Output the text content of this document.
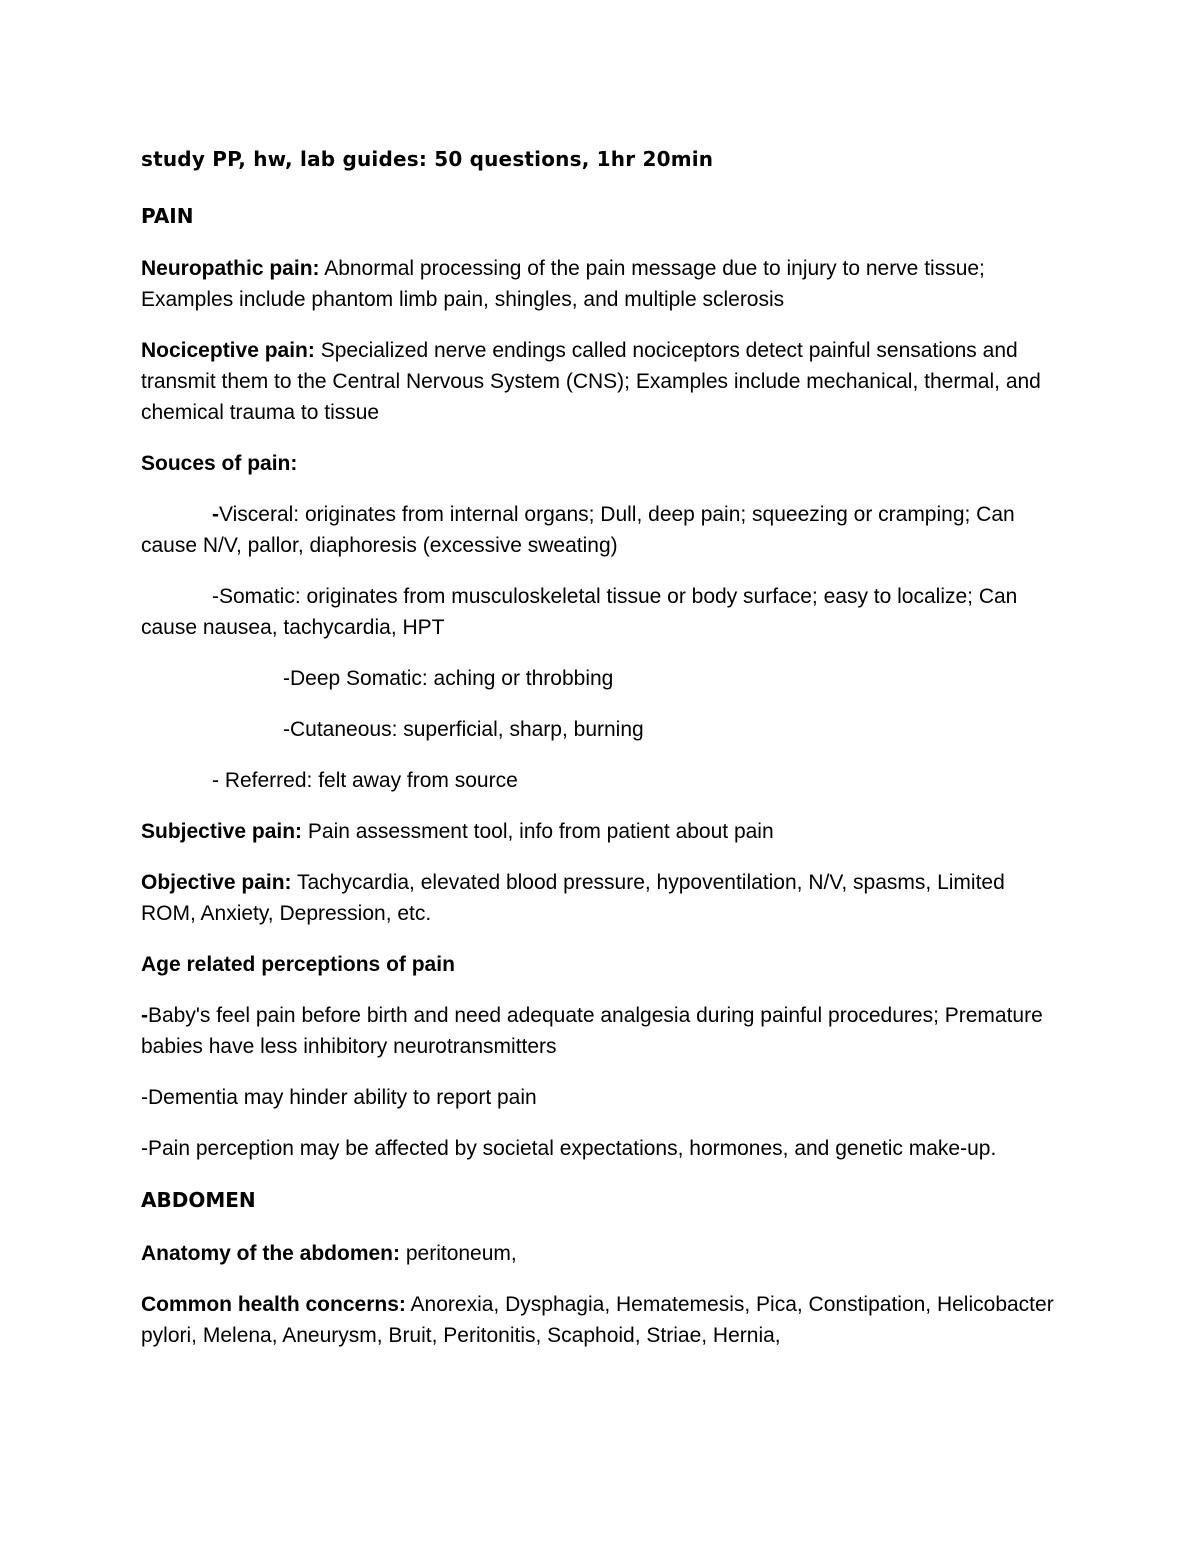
study PP, hw, lab guides: 50 questions, 1hr 20min
PAIN

Neuropathic pain: Abnormal processing of the pain message due to injury to nerve tissue; Examples include phantom limb pain, shingles, and multiple sclerosis

Nociceptive pain: Specialized nerve endings called nociceptors detect painful sensations and transmit them to the Central Nervous System (CNS); Examples include mechanical, thermal, and chemical trauma to tissue

Souces of pain:

-Visceral: originates from internal organs; Dull, deep pain; squeezing or cramping; Can cause N/V, pallor, diaphoresis (excessive sweating)

-Somatic: originates from musculoskeletal tissue or body surface; easy to localize; Can cause nausea, tachycardia, HPT

-Deep Somatic: aching or throbbing

-Cutaneous: superficial, sharp, burning

- Referred: felt away from source

Subjective pain: Pain assessment tool, info from patient about pain

Objective pain: Tachycardia, elevated blood pressure, hypoventilation, N/V, spasms, Limited ROM, Anxiety, Depression, etc.

Age related perceptions of pain

-Baby's feel pain before birth and need adequate analgesia during painful procedures; Premature babies have less inhibitory neurotransmitters

-Dementia may hinder ability to report pain

-Pain perception may be affected by societal expectations, hormones, and genetic make-up.

ABDOMEN

Anatomy of the abdomen: peritoneum,

Common health concerns: Anorexia, Dysphagia, Hematemesis, Pica, Constipation, Helicobacter pylori, Melena, Aneurysm, Bruit, Peritonitis, Scaphoid, Striae, Hernia,
